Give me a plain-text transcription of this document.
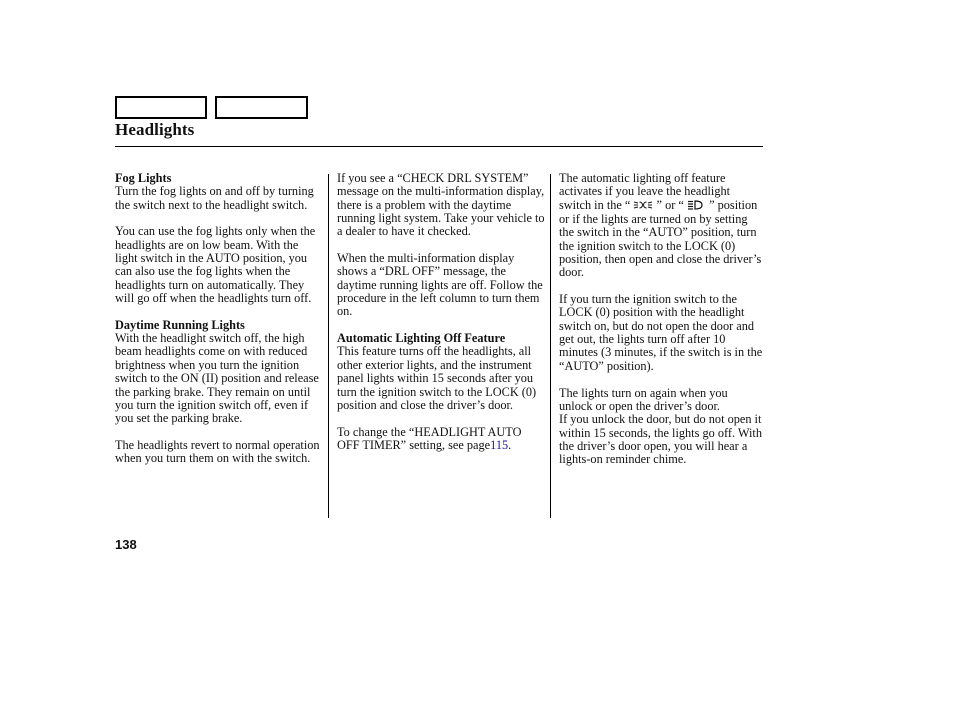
Headlights
Fog Lights

Turn the fog lights on and off by turning the switch next to the headlight switch.

You can use the fog lights only when the headlights are on low beam. With the light switch in the AUTO position, you can also use the fog lights when the headlights turn on automatically. They will go off when the headlights turn off.

Daytime Running Lights

With the headlight switch off, the high beam headlights come on with reduced brightness when you turn the ignition switch to the ON (II) position and release the parking brake. They remain on until you turn the ignition switch off, even if you set the parking brake.

The headlights revert to normal operation when you turn them on with the switch.

If you see a “CHECK DRL SYSTEM” message on the multi-information display, there is a problem with the daytime running light system. Take your vehicle to a dealer to have it checked.

When the multi-information display shows a “DRL OFF” message, the daytime running lights are off. Follow the procedure in the left column to turn them on.

Automatic Lighting Off Feature

This feature turns off the headlights, all other exterior lights, and the instrument panel lights within 15 seconds after you turn the ignition switch to the LOCK (0) position and close the driver’s door.

To change the “HEADLIGHT AUTO OFF TIMER” setting, see page115.

The automatic lighting off feature activates if you leave the headlight switch in the “ ” or “ ” position or if the lights are turned on by setting the switch in the “AUTO” position, turn the ignition switch to the LOCK (0) position, then open and close the driver’s door.

If you turn the ignition switch to the LOCK (0) position with the headlight switch on, but do not open the door and get out, the lights turn off after 10 minutes (3 minutes, if the switch is in the “AUTO” position).

The lights turn on again when you unlock or open the driver’s door.
If you unlock the door, but do not open it within 15 seconds, the lights go off. With the driver’s door open, you will hear a lights-on reminder chime.

138
